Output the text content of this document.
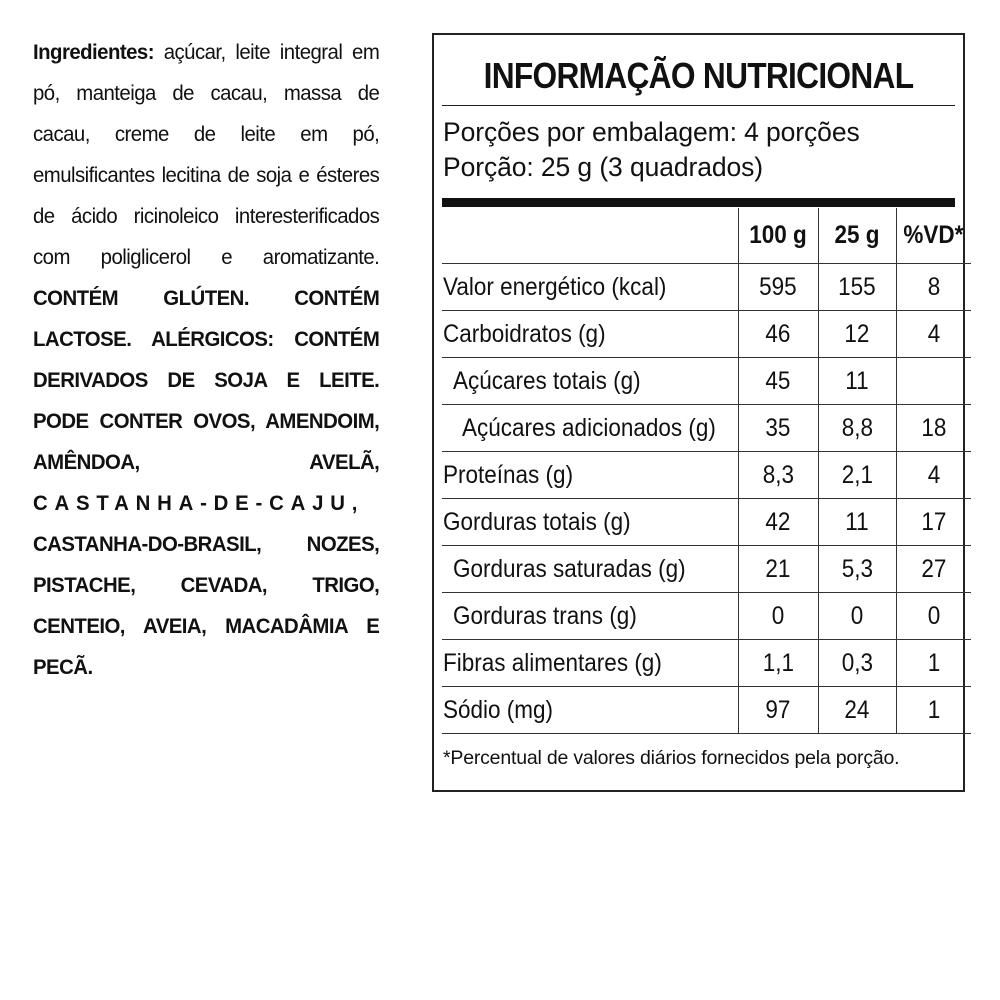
Ingredientes: açúcar, leite integral em pó, manteiga de cacau, massa de cacau, creme de leite em pó, emulsificantes lecitina de soja e ésteres de ácido ricinoleico interesterificados com poliglicerol e aromatizante. CONTÉM GLÚTEN. CONTÉM LACTOSE. ALÉRGICOS: CONTÉM DERIVADOS DE SOJA E LEITE. PODE CONTER OVOS, AMENDOIM, AMÊNDOA, AVELÃ, CASTANHA-DE-CAJU, CASTANHA-DO-BRASIL, NOZES, PISTACHE, CEVADA, TRIGO, CENTEIO, AVEIA, MACADÂMIA E PECÃ.
INFORMAÇÃO NUTRICIONAL
Porções por embalagem: 4 porções
Porção: 25 g (3 quadrados)
	100 g	25 g	%VD*
Valor energético (kcal)	595	155	8
Carboidratos (g)	46	12	4
Açúcares totais (g)	45	11	
Açúcares adicionados (g)	35	8,8	18
Proteínas (g)	8,3	2,1	4
Gorduras totais (g)	42	11	17
Gorduras saturadas (g)	21	5,3	27
Gorduras trans (g)	0	0	0
Fibras alimentares (g)	1,1	0,3	1
Sódio (mg)	97	24	1
*Percentual de valores diários fornecidos pela porção.
